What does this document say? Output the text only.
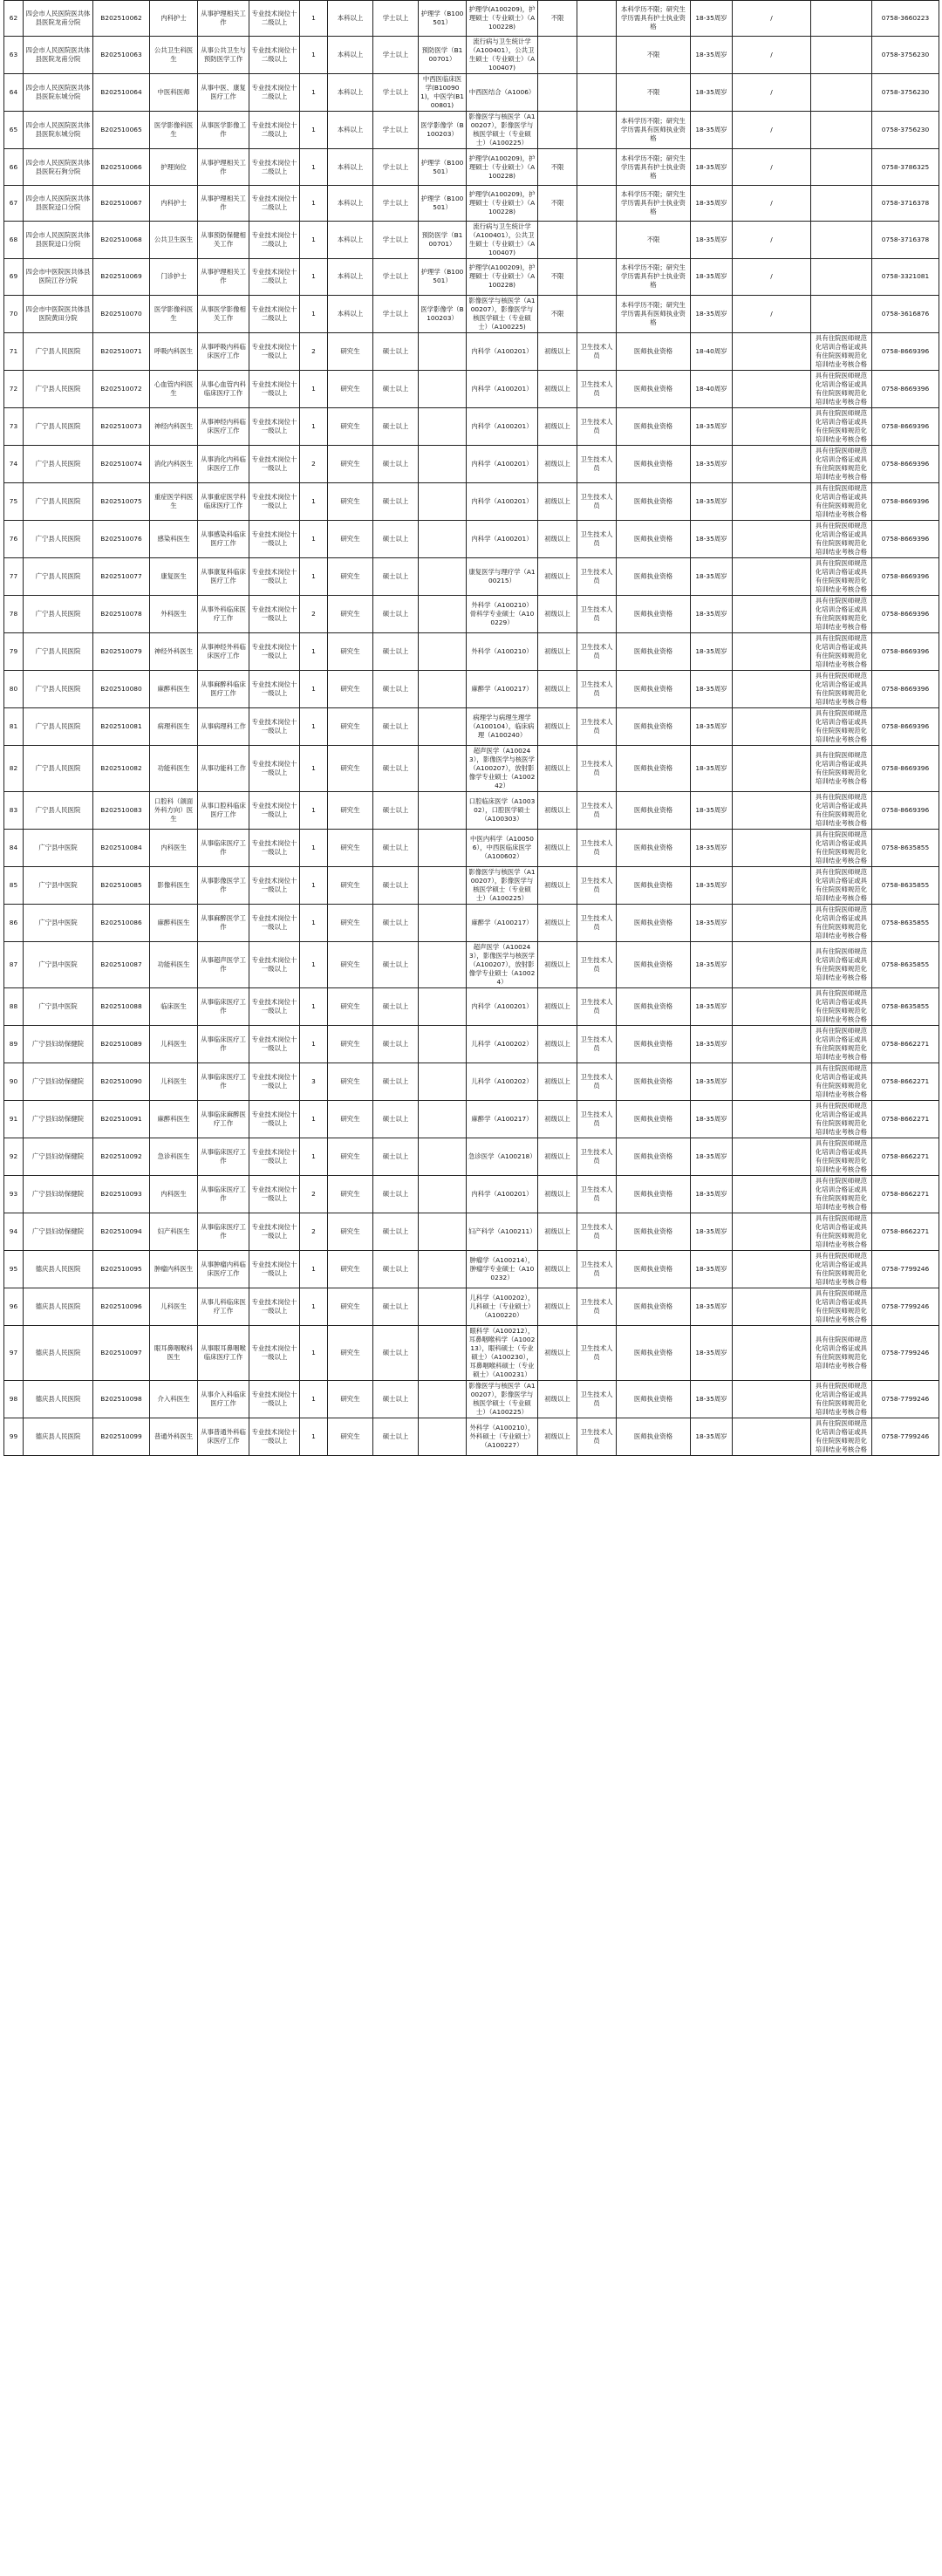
62	四会市人民医院医共体县医院龙甫分院	B202510062	内科护士	从事护理相关工作	专业技术岗位十二级以上	1	本科以上	学士以上	护理学（B100501）	护理学(A100209)，护理硕士（专业硕士）（A100228)	不限		本科学历不限；研究生学历需具有护士执业资格	18-35周岁	/		0758-3660223
63	四会市人民医院医共体县医院龙甫分院	B202510063	公共卫生科医生	从事公共卫生与预防医学工作	专业技术岗位十二级以上	1	本科以上	学士以上	预防医学（B100701）	流行病与卫生统计学（A100401），公共卫生硕士（专业硕士）（A100407)			不限	18-35周岁	/		0758-3756230
64	四会市人民医院医共体县医院东城分院	B202510064	中医科医师	从事中医、康复医疗工作	专业技术岗位十二级以上	1	本科以上	学士以上	中西医临床医学(B100901)，中医学(B100801)	中西医结合（A1006）			不限	18-35周岁	/		0758-3756230
65	四会市人民医院医共体县医院东城分院	B202510065	医学影像科医生	从事医学影像工作	专业技术岗位十二级以上	1	本科以上	学士以上	医学影像学（B100203）	影像医学与核医学（A100207），影像医学与核医学硕士（专业硕士）（A100225）			本科学历不限；研究生学历需具有医师执业资格	18-35周岁	/		0758-3756230
66	四会市人民医院医共体县医院石狗分院	B202510066	护理岗位	从事护理相关工作	专业技术岗位十二级以上	1	本科以上	学士以上	护理学（B100501）	护理学(A100209)，护理硕士（专业硕士）（A100228)	不限		本科学历不限；研究生学历需具有护士执业资格	18-35周岁	/		0758-3786325
67	四会市人民医院医共体县医院迳口分院	B202510067	内科护士	从事护理相关工作	专业技术岗位十二级以上	1	本科以上	学士以上	护理学（B100501）	护理学(A100209)，护理硕士（专业硕士）（A100228)	不限		本科学历不限；研究生学历需具有护士执业资格	18-35周岁	/		0758-3716378
68	四会市人民医院医共体县医院迳口分院	B202510068	公共卫生医生	从事预防保健相关工作	专业技术岗位十二级以上	1	本科以上	学士以上	预防医学（B100701）	流行病与卫生统计学（A100401），公共卫生硕士（专业硕士）（A100407)			不限	18-35周岁	/		0758-3716378
69	四会市中医院医共体县医院江谷分院	B202510069	门诊护士	从事护理相关工作	专业技术岗位十二级以上	1	本科以上	学士以上	护理学（B100501）	护理学(A100209)，护理硕士（专业硕士）（A100228)	不限		本科学历不限；研究生学历需具有护士执业资格	18-35周岁	/		0758-3321081
70	四会市中医院医共体县医院黄田分院	B202510070	医学影像科医生	从事医学影像相关工作	专业技术岗位十二级以上	1	本科以上	学士以上	医学影像学（B100203）	影像医学与核医学（A100207），影像医学与核医学硕士（专业硕士）（A100225)	不限		本科学历不限；研究生学历需具有医师执业资格	18-35周岁	/		0758-3616876
71	广宁县人民医院	B202510071	呼吸内科医生	从事呼吸内科临床医疗工作	专业技术岗位十一级以上	2	研究生	硕士以上		内科学（A100201）	初级以上	卫生技术人员	医师执业资格	18-40周岁		具有住院医师规范化培训合格证或具有住院医师规范化培训结业考核合格	0758-8669396
72	广宁县人民医院	B202510072	心血管内科医生	从事心血管内科临床医疗工作	专业技术岗位十一级以上	1	研究生	硕士以上		内科学（A100201）	初级以上	卫生技术人员	医师执业资格	18-40周岁		具有住院医师规范化培训合格证或具有住院医师规范化培训结业考核合格	0758-8669396
73	广宁县人民医院	B202510073	神经内科医生	从事神经内科临床医疗工作	专业技术岗位十一级以上	1	研究生	硕士以上		内科学（A100201）	初级以上	卫生技术人员	医师执业资格	18-35周岁		具有住院医师规范化培训合格证或具有住院医师规范化培训结业考核合格	0758-8669396
74	广宁县人民医院	B202510074	消化内科医生	从事消化内科临床医疗工作	专业技术岗位十一级以上	2	研究生	硕士以上		内科学（A100201）	初级以上	卫生技术人员	医师执业资格	18-35周岁		具有住院医师规范化培训合格证或具有住院医师规范化培训结业考核合格	0758-8669396
75	广宁县人民医院	B202510075	重症医学科医生	从事重症医学科临床医疗工作	专业技术岗位十一级以上	1	研究生	硕士以上		内科学（A100201）	初级以上	卫生技术人员	医师执业资格	18-35周岁		具有住院医师规范化培训合格证或具有住院医师规范化培训结业考核合格	0758-8669396
76	广宁县人民医院	B202510076	感染科医生	从事感染科临床医疗工作	专业技术岗位十一级以上	1	研究生	硕士以上		内科学（A100201）	初级以上	卫生技术人员	医师执业资格	18-35周岁		具有住院医师规范化培训合格证或具有住院医师规范化培训结业考核合格	0758-8669396
77	广宁县人民医院	B202510077	康复医生	从事康复科临床医疗工作	专业技术岗位十一级以上	1	研究生	硕士以上		康复医学与理疗学（A100215）	初级以上	卫生技术人员	医师执业资格	18-35周岁		具有住院医师规范化培训合格证或具有住院医师规范化培训结业考核合格	0758-8669396
78	广宁县人民医院	B202510078	外科医生	从事外科临床医疗工作	专业技术岗位十一级以上	2	研究生	硕士以上		外科学（A100210）骨科学专业硕士（A100229）	初级以上	卫生技术人员	医师执业资格	18-35周岁		具有住院医师规范化培训合格证或具有住院医师规范化培训结业考核合格	0758-8669396
79	广宁县人民医院	B202510079	神经外科医生	从事神经外科临床医疗工作	专业技术岗位十一级以上	1	研究生	硕士以上		外科学（A100210）	初级以上	卫生技术人员	医师执业资格	18-35周岁		具有住院医师规范化培训合格证或具有住院医师规范化培训结业考核合格	0758-8669396
80	广宁县人民医院	B202510080	麻醉科医生	从事麻醉科临床医疗工作	专业技术岗位十一级以上	1	研究生	硕士以上		麻醉学（A100217）	初级以上	卫生技术人员	医师执业资格	18-35周岁		具有住院医师规范化培训合格证或具有住院医师规范化培训结业考核合格	0758-8669396
81	广宁县人民医院	B202510081	病理科医生	从事病理科工作	专业技术岗位十一级以上	1	研究生	硕士以上		病理学与病理生理学（A100104），临床病理（A100240）	初级以上	卫生技术人员	医师执业资格	18-35周岁		具有住院医师规范化培训合格证或具有住院医师规范化培训结业考核合格	0758-8669396
82	广宁县人民医院	B202510082	功能科医生	从事功能科工作	专业技术岗位十一级以上	1	研究生	硕士以上		超声医学（A100243），影像医学与核医学（A100207），放射影像学专业硕士（A100242）	初级以上	卫生技术人员	医师执业资格	18-35周岁		具有住院医师规范化培训合格证或具有住院医师规范化培训结业考核合格	0758-8669396
83	广宁县人民医院	B202510083	口腔科（颌面外科方向）医生	从事口腔科临床医疗工作	专业技术岗位十一级以上	1	研究生	硕士以上		口腔临床医学（A100302），口腔医学硕士（A100303）	初级以上	卫生技术人员	医师执业资格	18-35周岁		具有住院医师规范化培训合格证或具有住院医师规范化培训结业考核合格	0758-8669396
84	广宁县中医院	B202510084	内科医生	从事临床医疗工作	专业技术岗位十一级以上	1	研究生	硕士以上		中医内科学（A100506），中西医临床医学（A100602）	初级以上	卫生技术人员	医师执业资格	18-35周岁		具有住院医师规范化培训合格证或具有住院医师规范化培训结业考核合格	0758-8635855
85	广宁县中医院	B202510085	影像科医生	从事影像医学工作	专业技术岗位十一级以上	1	研究生	硕士以上		影像医学与核医学（A100207），影像医学与核医学硕士（专业硕士）（A100225）	初级以上	卫生技术人员	医师执业资格	18-35周岁		具有住院医师规范化培训合格证或具有住院医师规范化培训结业考核合格	0758-8635855
86	广宁县中医院	B202510086	麻醉科医生	从事麻醉医学工作	专业技术岗位十一级以上	1	研究生	硕士以上		麻醉学（A100217）	初级以上	卫生技术人员	医师执业资格	18-35周岁		具有住院医师规范化培训合格证或具有住院医师规范化培训结业考核合格	0758-8635855
87	广宁县中医院	B202510087	功能科医生	从事超声医学工作	专业技术岗位十一级以上	1	研究生	硕士以上		超声医学（A100243），影像医学与核医学（A100207），放射影像学专业硕士（A10024）	初级以上	卫生技术人员	医师执业资格	18-35周岁		具有住院医师规范化培训合格证或具有住院医师规范化培训结业考核合格	0758-8635855
88	广宁县中医院	B202510088	临床医生	从事临床医疗工作	专业技术岗位十一级以上	1	研究生	硕士以上		内科学（A100201）	初级以上	卫生技术人员	医师执业资格	18-35周岁		具有住院医师规范化培训合格证或具有住院医师规范化培训结业考核合格	0758-8635855
89	广宁县妇幼保健院	B202510089	儿科医生	从事临床医疗工作	专业技术岗位十一级以上	1	研究生	硕士以上		儿科学（A100202）	初级以上	卫生技术人员	医师执业资格	18-35周岁		具有住院医师规范化培训合格证或具有住院医师规范化培训结业考核合格	0758-8662271
90	广宁县妇幼保健院	B202510090	儿科医生	从事临床医疗工作	专业技术岗位十一级以上	3	研究生	硕士以上		儿科学（A100202）	初级以上	卫生技术人员	医师执业资格	18-35周岁		具有住院医师规范化培训合格证或具有住院医师规范化培训结业考核合格	0758-8662271
91	广宁县妇幼保健院	B202510091	麻醉科医生	从事临床麻醉医疗工作	专业技术岗位十一级以上	1	研究生	硕士以上		麻醉学（A100217）	初级以上	卫生技术人员	医师执业资格	18-35周岁		具有住院医师规范化培训合格证或具有住院医师规范化培训结业考核合格	0758-8662271
92	广宁县妇幼保健院	B202510092	急诊科医生	从事临床医疗工作	专业技术岗位十一级以上	1	研究生	硕士以上		急诊医学（A100218）	初级以上	卫生技术人员	医师执业资格	18-35周岁		具有住院医师规范化培训合格证或具有住院医师规范化培训结业考核合格	0758-8662271
93	广宁县妇幼保健院	B202510093	内科医生	从事临床医疗工作	专业技术岗位十一级以上	2	研究生	硕士以上		内科学（A100201）	初级以上	卫生技术人员	医师执业资格	18-35周岁		具有住院医师规范化培训合格证或具有住院医师规范化培训结业考核合格	0758-8662271
94	广宁县妇幼保健院	B202510094	妇产科医生	从事临床医疗工作	专业技术岗位十一级以上	2	研究生	硕士以上		妇产科学（A100211）	初级以上	卫生技术人员	医师执业资格	18-35周岁		具有住院医师规范化培训合格证或具有住院医师规范化培训结业考核合格	0758-8662271
95	德庆县人民医院	B202510095	肿瘤内科医生	从事肿瘤内科临床医疗工作	专业技术岗位十一级以上	1	研究生	硕士以上		肿瘤学（A100214），肿瘤学专业硕士（A100232）	初级以上	卫生技术人员	医师执业资格	18-35周岁		具有住院医师规范化培训合格证或具有住院医师规范化培训结业考核合格	0758-7799246
96	德庆县人民医院	B202510096	儿科医生	从事儿科临床医疗工作	专业技术岗位十一级以上	1	研究生	硕士以上		儿科学（A100202），儿科硕士（专业硕士）（A100220）	初级以上	卫生技术人员	医师执业资格	18-35周岁		具有住院医师规范化培训合格证或具有住院医师规范化培训结业考核合格	0758-7799246
97	德庆县人民医院	B202510097	眼耳鼻咽喉科医生	从事眼耳鼻咽喉临床医疗工作	专业技术岗位十一级以上	1	研究生	硕士以上		眼科学（A100212），耳鼻咽喉科学（A100213），眼科硕士（专业硕士）（A100230），耳鼻咽喉科硕士（专业硕士）（A100231）	初级以上	卫生技术人员	医师执业资格	18-35周岁		具有住院医师规范化培训合格证或具有住院医师规范化培训结业考核合格	0758-7799246
98	德庆县人民医院	B202510098	介入科医生	从事介入科临床医疗工作	专业技术岗位十一级以上	1	研究生	硕士以上		影像医学与核医学（A100207），影像医学与核医学硕士（专业硕士）（A100225）	初级以上	卫生技术人员	医师执业资格	18-35周岁		具有住院医师规范化培训合格证或具有住院医师规范化培训结业考核合格	0758-7799246
99	德庆县人民医院	B202510099	普通外科医生	从事普通外科临床医疗工作	专业技术岗位十一级以上	1	研究生	硕士以上		外科学（A100210），外科硕士（专业硕士）（A100227）	初级以上	卫生技术人员	医师执业资格	18-35周岁		具有住院医师规范化培训合格证或具有住院医师规范化培训结业考核合格	0758-7799246
